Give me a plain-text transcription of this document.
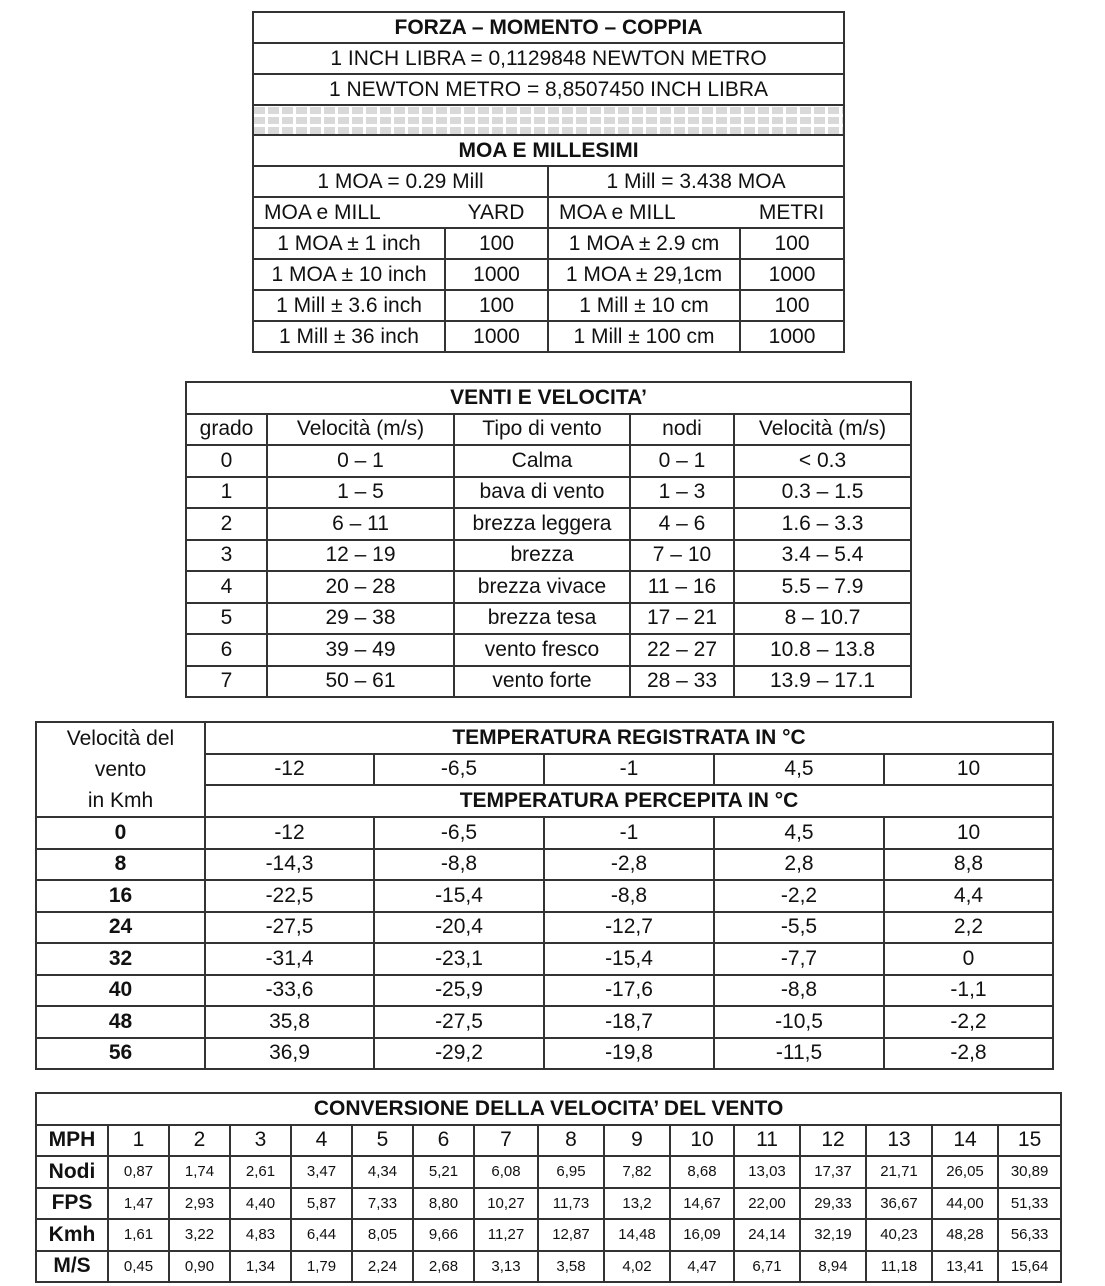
FORZA – MOMENTO – COPPIA			
1 INCH LIBRA = 0,1129848 NEWTON METRO			
1 NEWTON METRO = 8,8507450 INCH LIBRA			

MOA E MILLESIMI			
1 MOA = 0.29 Mill		1 Mill = 3.438 MOA	
MOA e MILL	YARD	MOA e MILL	METRI
1 MOA ± 1 inch	100	1 MOA ± 2.9 cm	100
1 MOA ± 10 inch	1000	1 MOA ± 29,1cm	1000
1 Mill ± 3.6 inch	100	1 Mill ± 10 cm	100
1 Mill ± 36 inch	1000	1 Mill ± 100 cm	1000
VENTI E VELOCITA’				
grado	Velocità (m/s)	Tipo di vento	nodi	Velocità (m/s)
0	0 – 1	Calma	0 – 1	< 0.3
1	1 – 5	bava di vento	1 – 3	0.3 – 1.5
2	6 – 11	brezza leggera	4 – 6	1.6 – 3.3
3	12 – 19	brezza	7 – 10	3.4 – 5.4
4	20 – 28	brezza vivace	11 – 16	5.5 – 7.9
5	29 – 38	brezza tesa	17 – 21	8 – 10.7
6	39 – 49	vento fresco	22 – 27	10.8 – 13.8
7	50 – 61	vento forte	28 – 33	13.9 – 17.1
Velocità del
vento
in Kmh	TEMPERATURA REGISTRATA IN °C				
	-12	-6,5	-1	4,5	10
	TEMPERATURA PERCEPITA IN °C				
0	-12	-6,5	-1	4,5	10
8	-14,3	-8,8	-2,8	2,8	8,8
16	-22,5	-15,4	-8,8	-2,2	4,4
24	-27,5	-20,4	-12,7	-5,5	2,2
32	-31,4	-23,1	-15,4	-7,7	0
40	-33,6	-25,9	-17,6	-8,8	-1,1
48	35,8	-27,5	-18,7	-10,5	-2,2
56	36,9	-29,2	-19,8	-11,5	-2,8
CONVERSIONE DELLA VELOCITA’ DEL VENTO															
MPH	1	2	3	4	5	6	7	8	9	10	11	12	13	14	15
Nodi	0,87	1,74	2,61	3,47	4,34	5,21	6,08	6,95	7,82	8,68	13,03	17,37	21,71	26,05	30,89
FPS	1,47	2,93	4,40	5,87	7,33	8,80	10,27	11,73	13,2	14,67	22,00	29,33	36,67	44,00	51,33
Kmh	1,61	3,22	4,83	6,44	8,05	9,66	11,27	12,87	14,48	16,09	24,14	32,19	40,23	48,28	56,33
M/S	0,45	0,90	1,34	1,79	2,24	2,68	3,13	3,58	4,02	4,47	6,71	8,94	11,18	13,41	15,64
